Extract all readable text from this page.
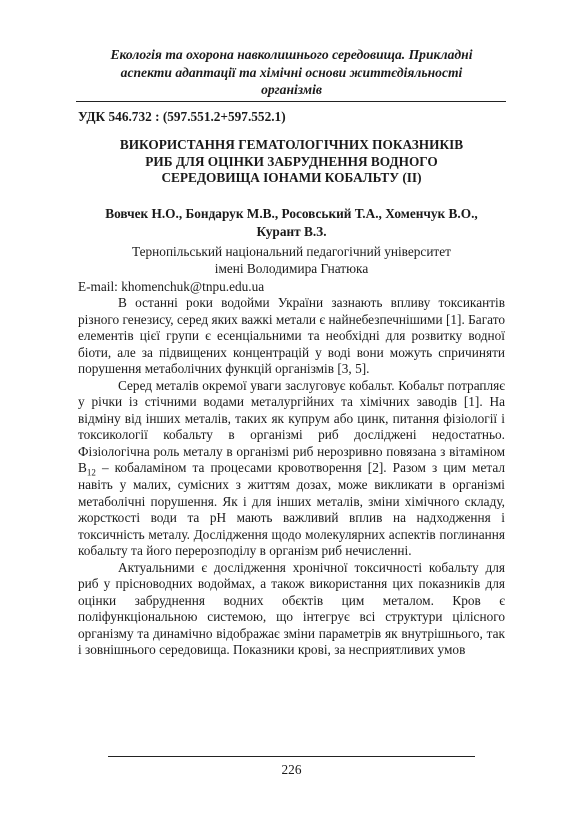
Екологія та охорона навколишнього середовища. Прикладні
аспекти адаптації та хімічні основи життєдіяльності
організмів
УДК 546.732 : (597.551.2+597.552.1)
ВИКОРИСТАННЯ ГЕМАТОЛОГІЧНИХ ПОКАЗНИКІВ
РИБ ДЛЯ ОЦІНКИ ЗАБРУДНЕННЯ ВОДНОГО
СЕРЕДОВИЩА ІОНАМИ КОБАЛЬТУ (ІІ)
Вовчек Н.О., Бондарук М.В., Росовський Т.А., Хоменчук В.О.,
Курант В.З.
Тернопільський національний педагогічний університет
імені Володимира Гнатюка
E-mail: khomenchuk@tnpu.edu.ua

В останні роки водойми України зазнають впливу токсикантів різного генезису, серед яких важкі метали є найнебезпечнішими [1]. Багато елементів цієї групи є есенціальними та необхідні для розвитку водної біоти, але за підвищених концентрацій у воді вони можуть спричиняти порушення метаболічних функцій організмів [3, 5].

Серед металів окремої уваги заслуговує кобальт. Кобальт потрапляє у річки із стічними водами металургійних та хімічних заводів [1]. На відміну від інших металів, таких як купрум або цинк, питання фізіології і токсикології кобальту в організмі риб досліджені недостатньо. Фізіологічна роль металу в організмі риб нерозривно повязана з вітаміном $B_{12}$ – кобаламіном та процесами кровотворення [2]. Разом з цим метал навіть у малих, сумісних з життям дозах, може викликати в організмі метаболічні порушення. Як і для інших металів, зміни хімічного складу, жорсткості води та pH мають важливий вплив на надходження і токсичність металу. Дослідження щодо молекулярних аспектів поглинання кобальту та його перерозподілу в організм риб нечисленні.

Актуальними є дослідження хронічної токсичності кобальту для риб у прісноводних водоймах, а також використання цих показників для оцінки забруднення водних обєктів цим металом. Кров є поліфункціональною системою, що інтегрує всі структури цілісного організму та динамічно відображає зміни параметрів як внутрішнього, так і зовнішнього середовища. Показники крові, за несприятливих умов

226
